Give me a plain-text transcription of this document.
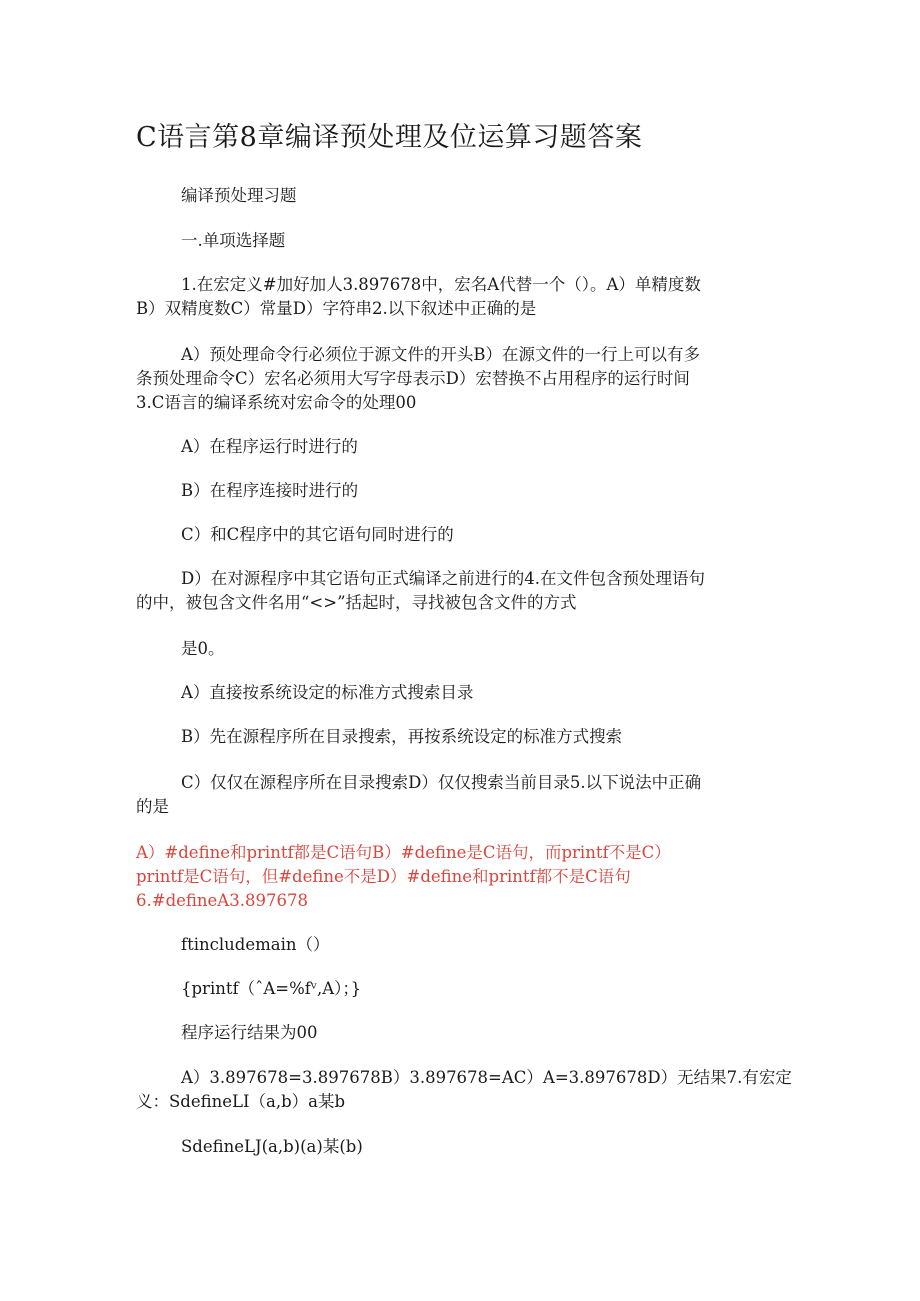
C语言第8章编译预处理及位运算习题答案
编译预处理习题
一.单项选择题
1.在宏定义#加好加人3.897678中，宏名A代替一个（）。A）单精度数
B）双精度数C）常量D）字符串2.以下叙述中正确的是
A）预处理命令行必须位于源文件的开头B）在源文件的一行上可以有多
条预处理命令C）宏名必须用大写字母表示D）宏替换不占用程序的运行时间
3.C语言的编译系统对宏命令的处理00
A）在程序运行时进行的
B）在程序连接时进行的
C）和C程序中的其它语句同时进行的
D）在对源程序中其它语句正式编译之前进行的4.在文件包含预处理语句
的中，被包含文件名用“<>”括起时，寻找被包含文件的方式
是0。
A）直接按系统设定的标准方式搜索目录
B）先在源程序所在目录搜索，再按系统设定的标准方式搜索
C）仅仅在源程序所在目录搜索D）仅仅搜索当前目录5.以下说法中正确
的是
A）#define和printf都是C语句B）#define是C语句，而printf不是C）
printf是C语句，但#define不是D）#define和printf都不是C语句
6.#defineA3.897678
ftincludemain（）
{printf（ˆA=%fᵛ,A）；}
程序运行结果为00
A）3.897678=3.897678B）3.897678=AC）A=3.897678D）无结果7.有宏定
义：SdefineLI（a,b）a某b
SdefineLJ(a,b)(a)某(b)
